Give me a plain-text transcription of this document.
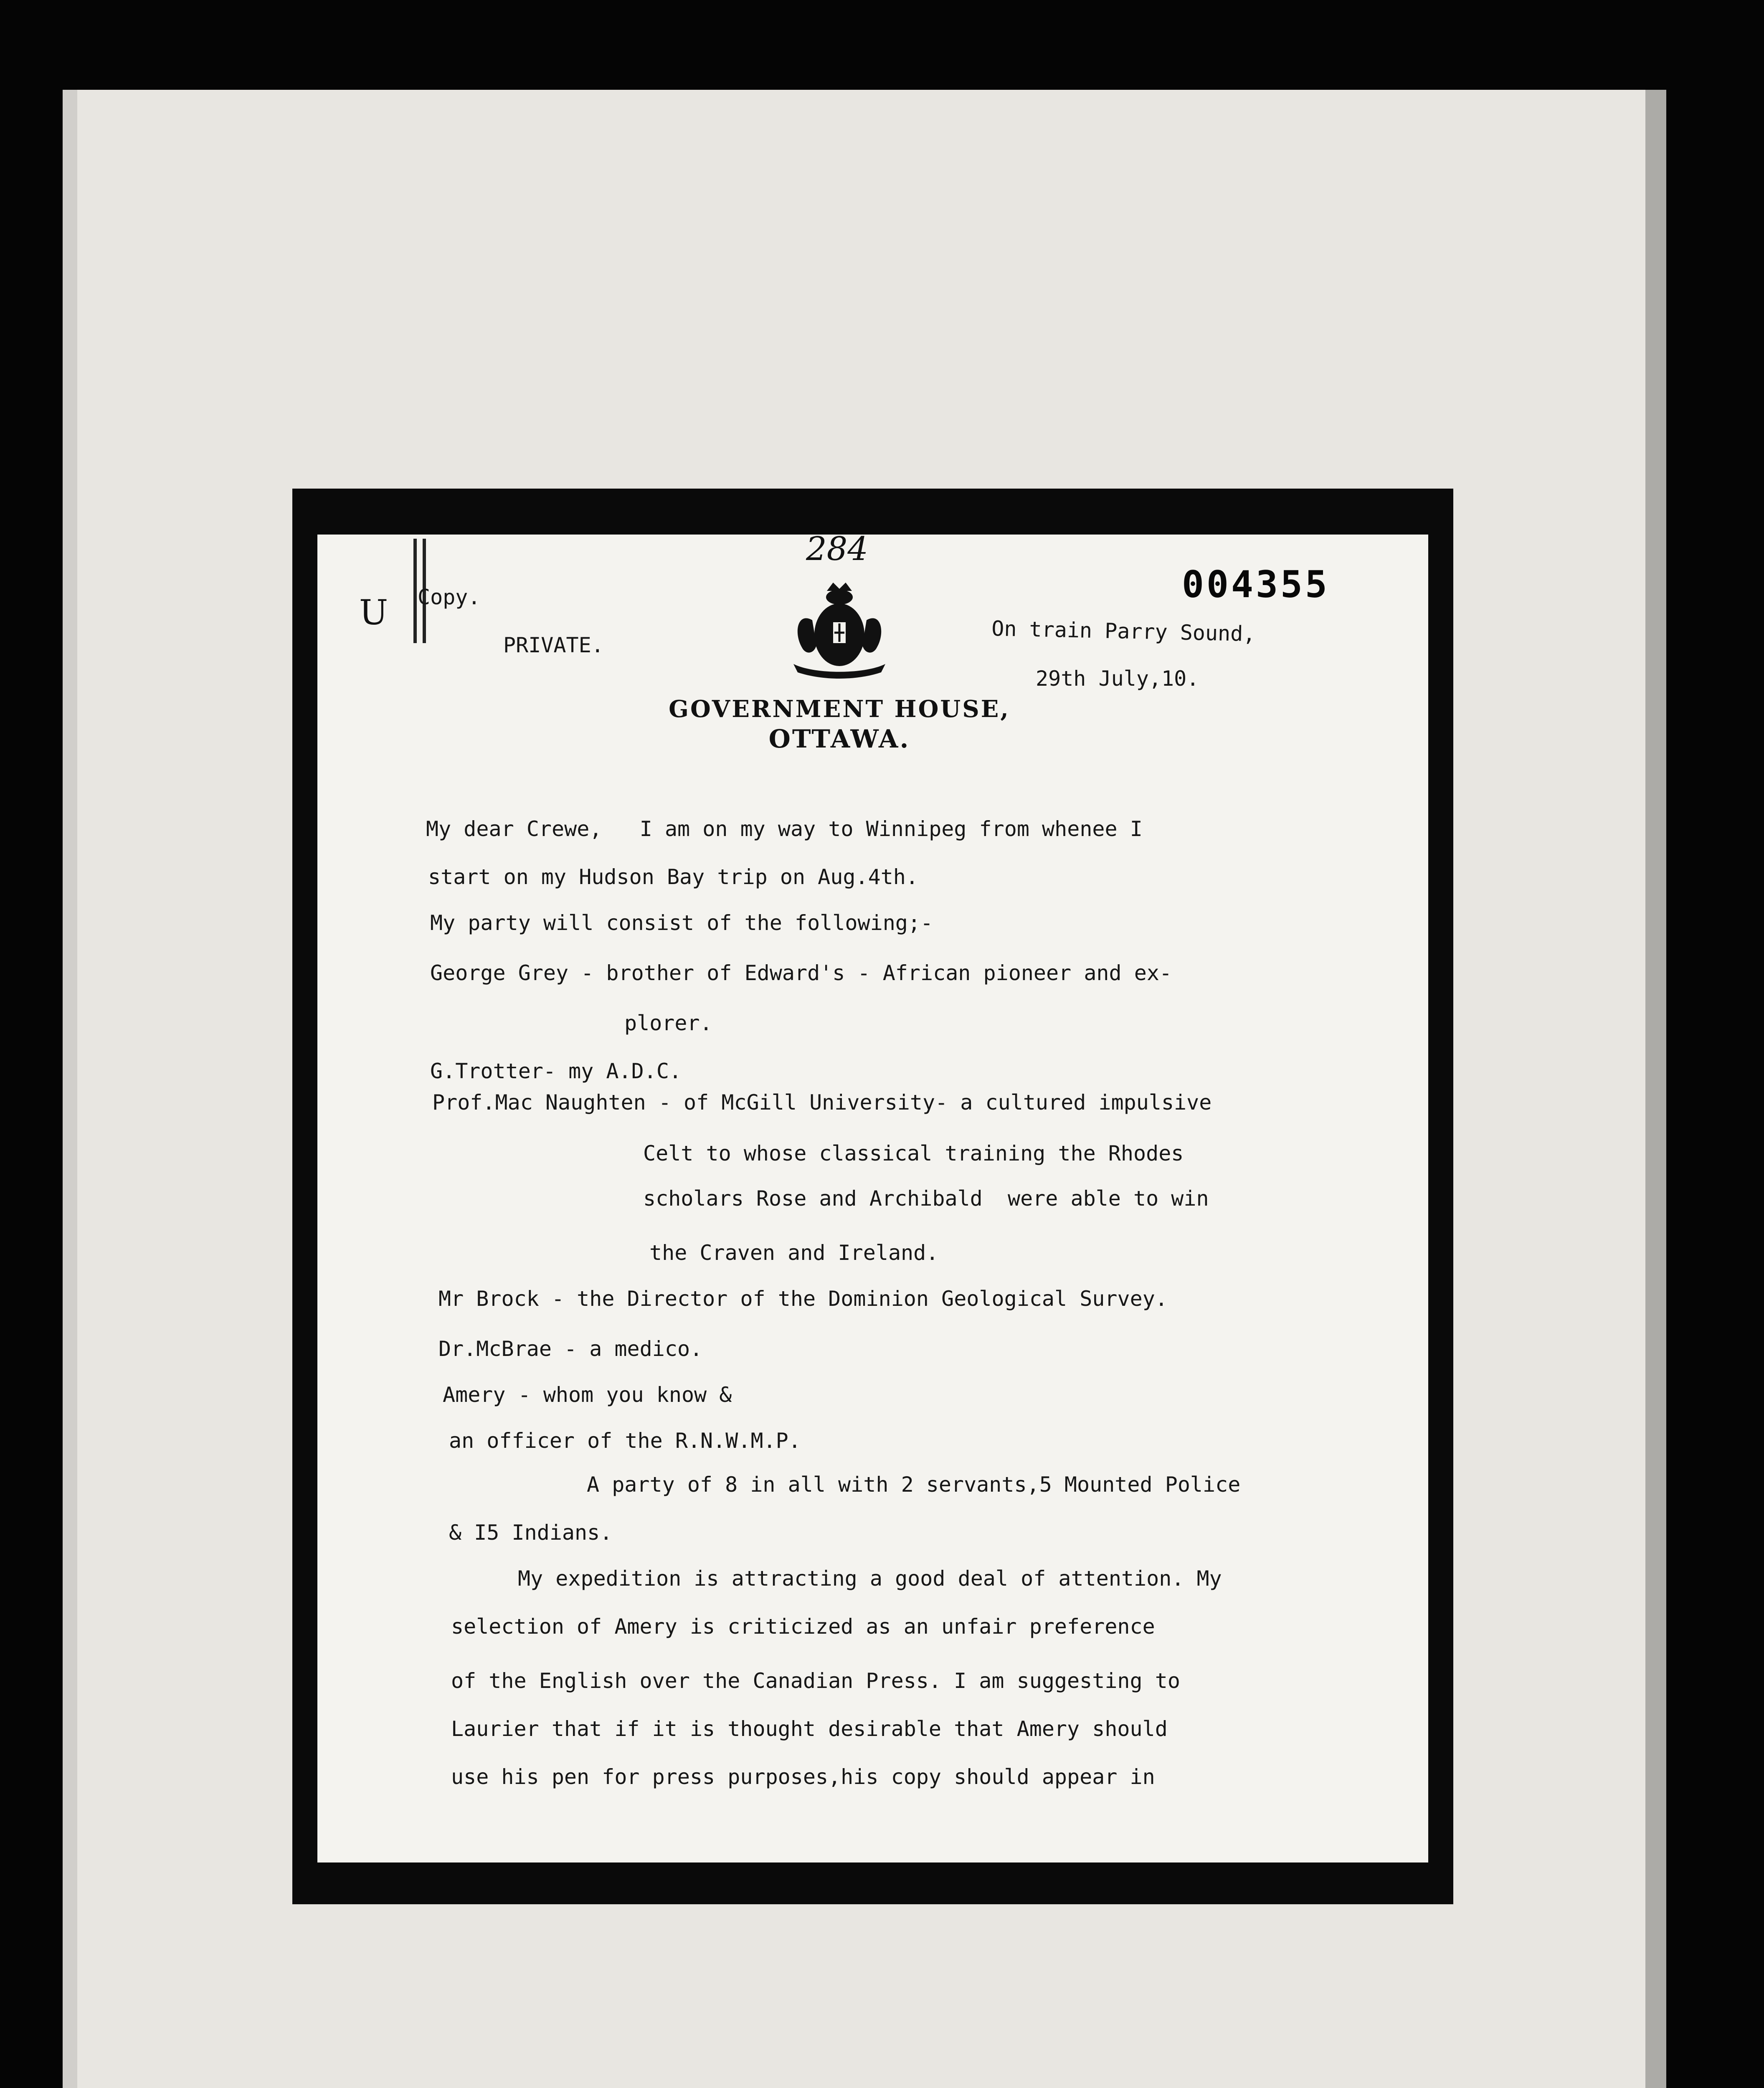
284
U
004355
GOVERNMENT HOUSE,
OTTAWA.
Copy.
PRIVATE.	On train Parry Sound,
29th July,10.
My dear Crewe,   I am on my way to Winnipeg from whenee I
start on my Hudson Bay trip on Aug.4th.
My party will consist of the following;-
George Grey - brother of Edward's - African pioneer and ex-
plorer.
G.Trotter- my A.D.C.
Prof.Mac Naughten - of McGill University- a cultured impulsive
Celt to whose classical training the Rhodes
scholars Rose and Archibald  were able to win
the Craven and Ireland.
Mr Brock - the Director of the Dominion Geological Survey.
Dr.McBrae - a medico.
Amery - whom you know &
an officer of the R.N.W.M.P.
A party of 8 in all with 2 servants,5 Mounted Police
& I5 Indians.
My expedition is attracting a good deal of attention. My
selection of Amery is criticized as an unfair preference
of the English over the Canadian Press. I am suggesting to
Laurier that if it is thought desirable that Amery should
use his pen for press purposes,his copy should appear in
